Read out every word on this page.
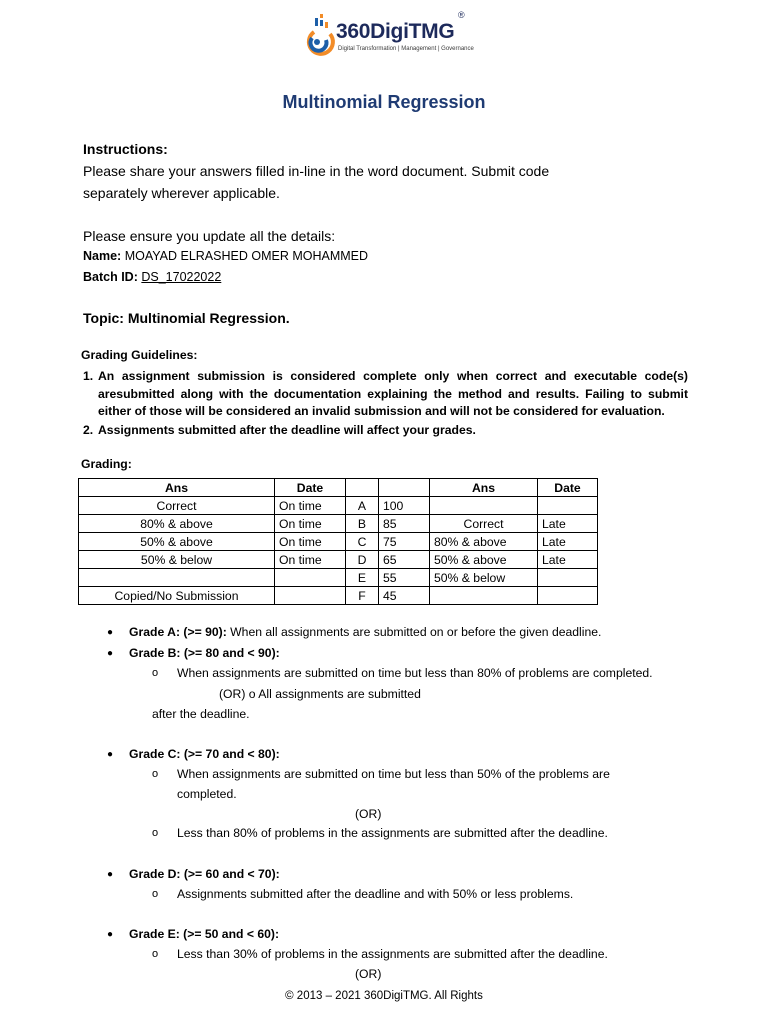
360DigiTMG
®
Digital Transformation | Management | Governance
Multinomial Regression
Instructions:
Please share your answers filled in-line in the word document. Submit code
separately wherever applicable.
Please ensure you update all the details:
Name: MOAYAD ELRASHED OMER MOHAMMED
Batch ID: DS_17022022
Topic: Multinomial Regression.
Grading Guidelines:
1. An assignment submission is considered complete only when correct and executable code(s) aresubmitted along with the documentation explaining the method and results. Failing to submit either of those will be considered an invalid submission and will not be considered for evaluation.
2. Assignments submitted after the deadline will affect your grades.
Grading:
Ans	Date			Ans	Date
Correct	On time	A	100		
80% & above	On time	B	85	Correct	Late
50% & above	On time	C	75	80% & above	Late
50% & below	On time	D	65	50% & above	Late
		E	55	50% & below	
Copied/No Submission		F	45		
● Grade A: (>= 90): When all assignments are submitted on or before the given deadline.
● Grade B: (>= 80 and < 90):
o When assignments are submitted on time but less than 80% of problems are completed.
(OR) o All assignments are submitted
after the deadline.
● Grade C: (>= 70 and < 80):
o When assignments are submitted on time but less than 50% of the problems are
completed.
(OR)
o Less than 80% of problems in the assignments are submitted after the deadline.
● Grade D: (>= 60 and < 70):
o Assignments submitted after the deadline and with 50% or less problems.
● Grade E: (>= 50 and < 60):
o Less than 30% of problems in the assignments are submitted after the deadline.
(OR)
© 2013 – 2021 360DigiTMG. All Rights
